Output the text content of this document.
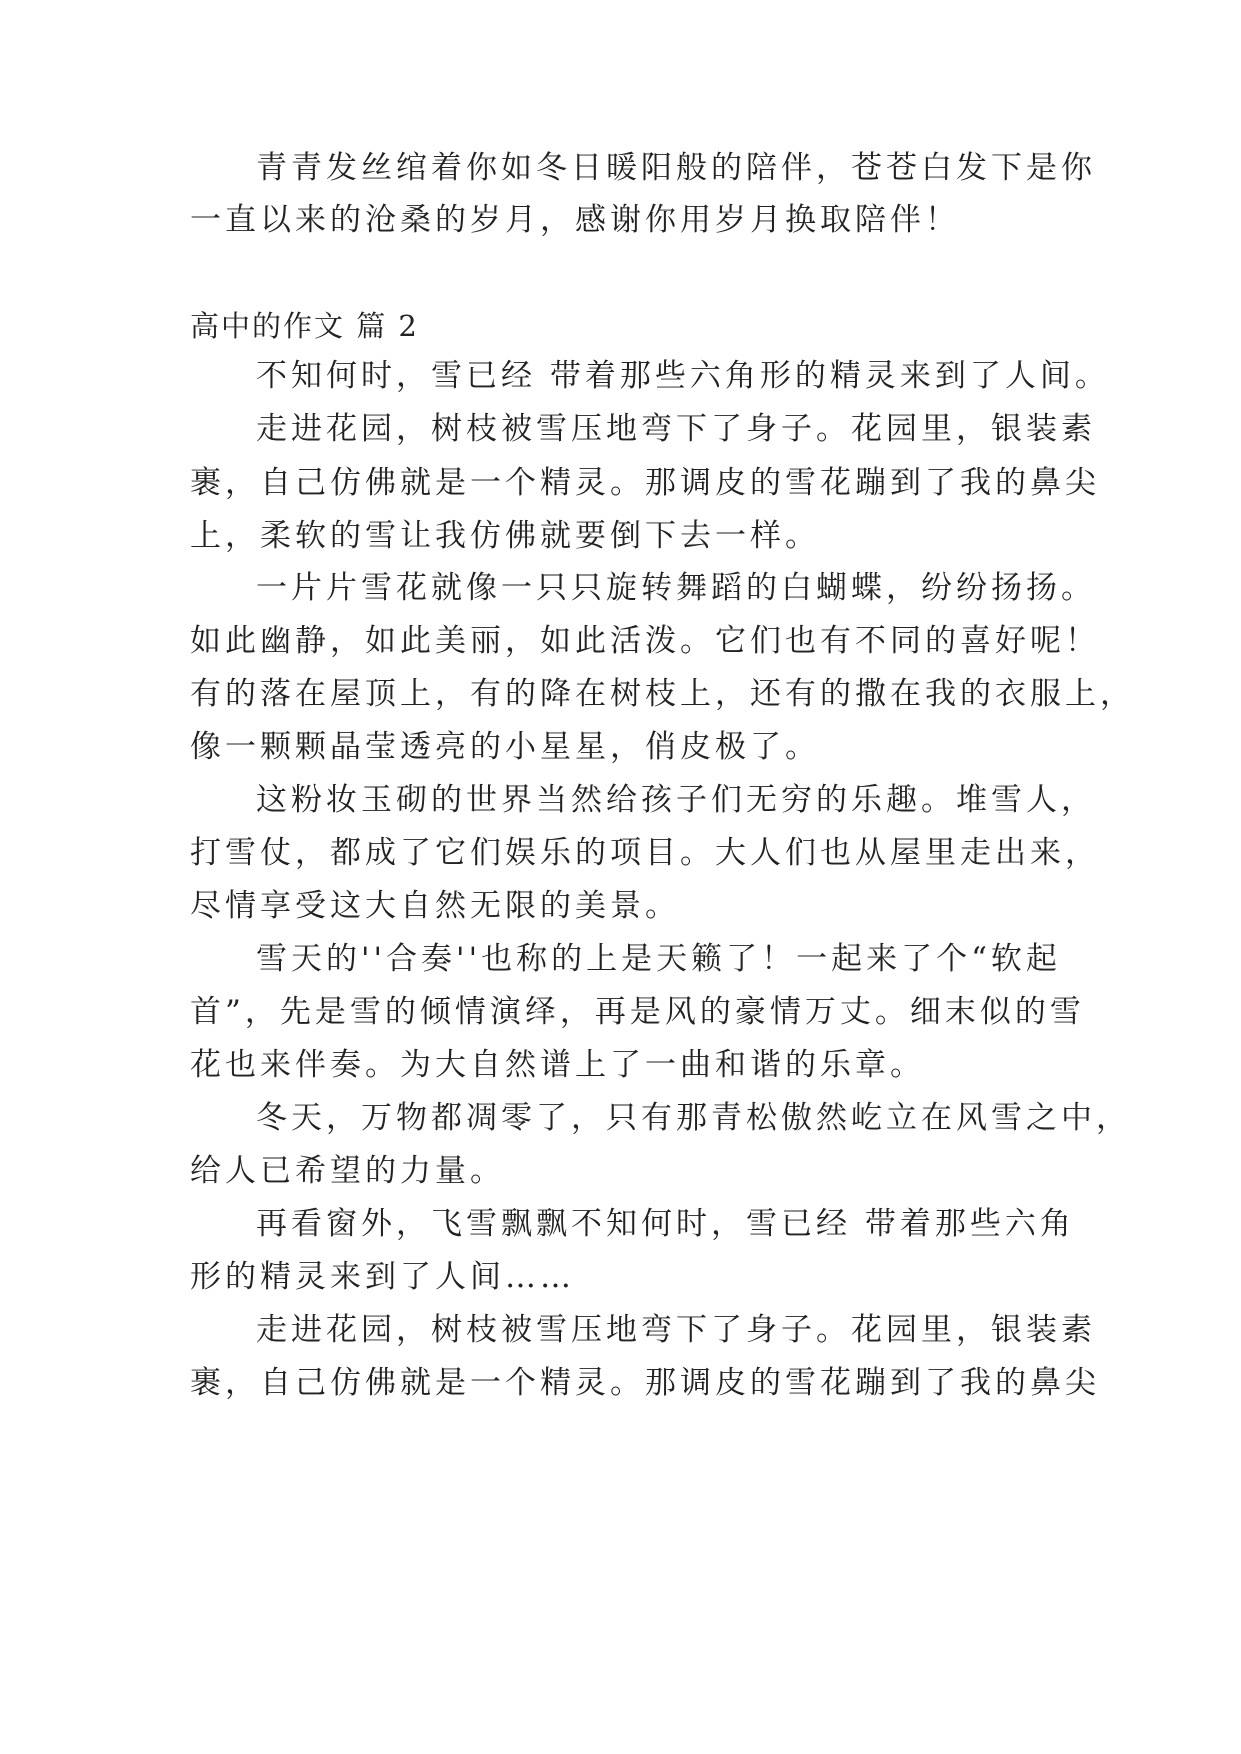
青青发丝绾着你如冬日暖阳般的陪伴，苍苍白发下是你
一直以来的沧桑的岁月，感谢你用岁月换取陪伴！
高中的作文 篇 2
不知何时，雪已经 带着那些六角形的精灵来到了人间。
走进花园，树枝被雪压地弯下了身子。花园里，银装素
裹，自己仿佛就是一个精灵。那调皮的雪花蹦到了我的鼻尖
上，柔软的雪让我仿佛就要倒下去一样。
一片片雪花就像一只只旋转舞蹈的白蝴蝶，纷纷扬扬。
如此幽静，如此美丽，如此活泼。它们也有不同的喜好呢！
有的落在屋顶上，有的降在树枝上，还有的撒在我的衣服上，
像一颗颗晶莹透亮的小星星，俏皮极了。
这粉妆玉砌的世界当然给孩子们无穷的乐趣。堆雪人，
打雪仗，都成了它们娱乐的项目。大人们也从屋里走出来，
尽情享受这大自然无限的美景。
雪天的''合奏''也称的上是天籁了！一起来了个“软起
首”，先是雪的倾情演绎，再是风的豪情万丈。细末似的雪
花也来伴奏。为大自然谱上了一曲和谐的乐章。
冬天，万物都凋零了，只有那青松傲然屹立在风雪之中，
给人已希望的力量。
再看窗外，飞雪飘飘不知何时，雪已经 带着那些六角
形的精灵来到了人间……
走进花园，树枝被雪压地弯下了身子。花园里，银装素
裹，自己仿佛就是一个精灵。那调皮的雪花蹦到了我的鼻尖
